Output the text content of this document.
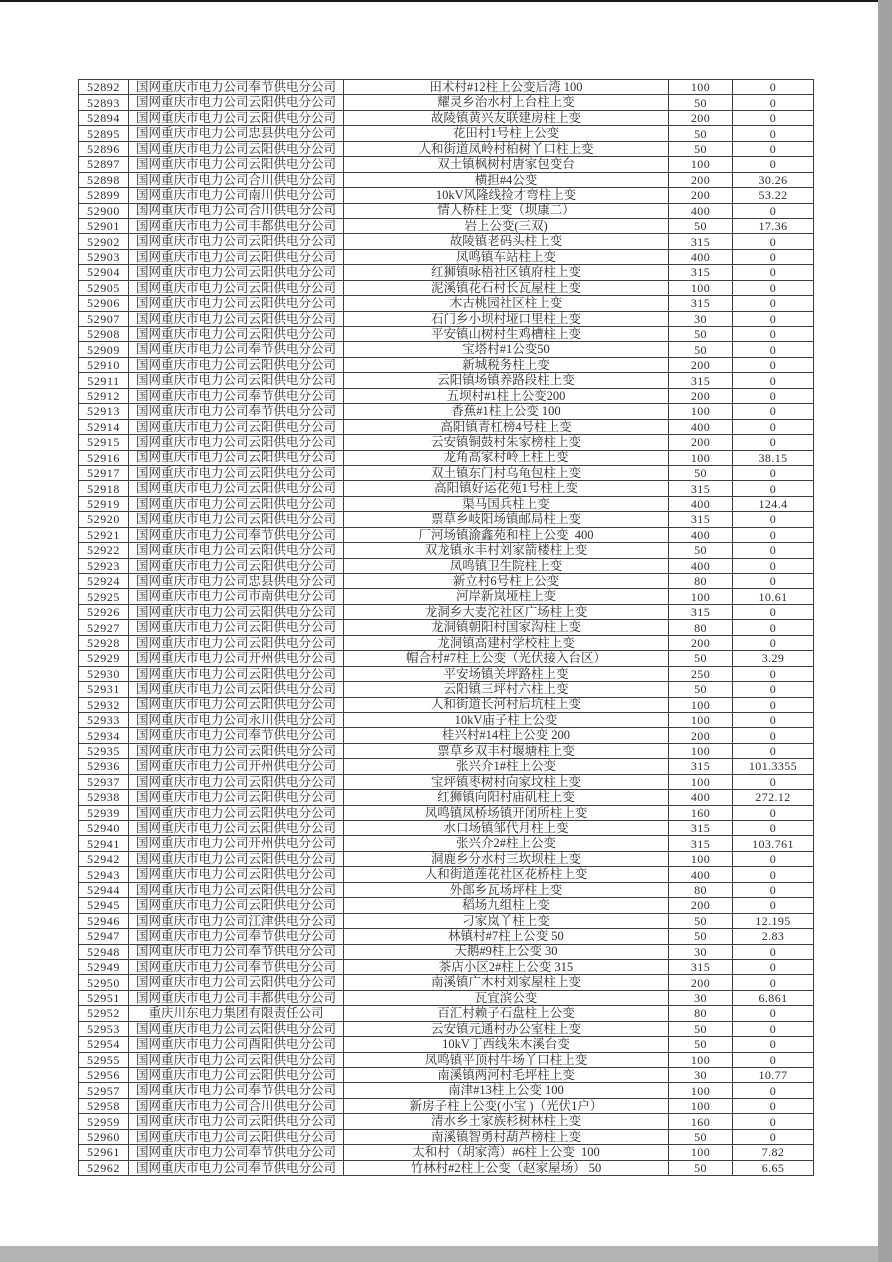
52892	国网重庆市电力公司奉节供电分公司	田术村#12柱上公变后湾 100	100	0
52893	国网重庆市电力公司云阳供电分公司	耀灵乡治水村上台柱上变	50	0
52894	国网重庆市电力公司云阳供电分公司	故陵镇黄兴友联建房柱上变	200	0
52895	国网重庆市电力公司忠县供电分公司	花田村1号柱上公变	50	0
52896	国网重庆市电力公司云阳供电分公司	人和街道凤岭村柏树丫口柱上变	50	0
52897	国网重庆市电力公司云阳供电分公司	双土镇枫树村唐家包变台	100	0
52898	国网重庆市电力公司合川供电分公司	横担#4公变	200	30.26
52899	国网重庆市电力公司南川供电分公司	10kV风隆线捡才弯柱上变	200	53.22
52900	国网重庆市电力公司合川供电分公司	情人桥柱上变（坝康二）	400	0
52901	国网重庆市电力公司丰都供电分公司	岩上公变(三双)	50	17.36
52902	国网重庆市电力公司云阳供电分公司	故陵镇老码头柱上变	315	0
52903	国网重庆市电力公司云阳供电分公司	凤鸣镇车站柱上变	400	0
52904	国网重庆市电力公司云阳供电分公司	红狮镇咏梧社区镇府柱上变	315	0
52905	国网重庆市电力公司云阳供电分公司	泥溪镇花石村长瓦屋柱上变	100	0
52906	国网重庆市电力公司云阳供电分公司	木古桃园社区柱上变	315	0
52907	国网重庆市电力公司云阳供电分公司	石门乡小坝村垭口里柱上变	30	0
52908	国网重庆市电力公司云阳供电分公司	平安镇山树村生鸡槽柱上变	50	0
52909	国网重庆市电力公司奉节供电分公司	宝塔村#1公变50	50	0
52910	国网重庆市电力公司云阳供电分公司	新城税务柱上变	200	0
52911	国网重庆市电力公司云阳供电分公司	云阳镇场镇养路段柱上变	315	0
52912	国网重庆市电力公司奉节供电分公司	五坝村#1柱上公变200	200	0
52913	国网重庆市电力公司奉节供电分公司	香蕉#1柱上公变 100	100	0
52914	国网重庆市电力公司云阳供电分公司	高阳镇青杠榜4号柱上变	400	0
52915	国网重庆市电力公司云阳供电分公司	云安镇铜鼓村朱家榜柱上变	200	0
52916	国网重庆市电力公司云阳供电分公司	龙角高家村岭上柱上变	100	38.15
52917	国网重庆市电力公司云阳供电分公司	双土镇东门村乌龟包柱上变	50	0
52918	国网重庆市电力公司云阳供电分公司	高阳镇好运花苑1号柱上变	315	0
52919	国网重庆市电力公司云阳供电分公司	渠马国兵柱上变	400	124.4
52920	国网重庆市电力公司云阳供电分公司	票草乡岐阳场镇邮局柱上变	315	0
52921	国网重庆市电力公司奉节供电分公司	厂河场镇渝鑫苑和柱上公变  400	400	0
52922	国网重庆市电力公司云阳供电分公司	双龙镇永丰村刘家箭楼柱上变	50	0
52923	国网重庆市电力公司云阳供电分公司	凤鸣镇卫生院柱上变	400	0
52924	国网重庆市电力公司忠县供电分公司	新立村6号柱上公变	80	0
52925	国网重庆市电力公司市南供电分公司	河岸新岚垭柱上变	100	10.61
52926	国网重庆市电力公司云阳供电分公司	龙洞乡大麦沱社区广场柱上变	315	0
52927	国网重庆市电力公司云阳供电分公司	龙洞镇朝阳村国家沟柱上变	80	0
52928	国网重庆市电力公司云阳供电分公司	龙洞镇高建村学校柱上变	200	0
52929	国网重庆市电力公司开州供电分公司	帽合村#7柱上公变（光伏接入台区）	50	3.29
52930	国网重庆市电力公司云阳供电分公司	平安场镇关坪路柱上变	250	0
52931	国网重庆市电力公司云阳供电分公司	云阳镇三坪村六柱上变	50	0
52932	国网重庆市电力公司云阳供电分公司	人和街道长河村后坑柱上变	100	0
52933	国网重庆市电力公司永川供电分公司	10kV庙子柱上公变	100	0
52934	国网重庆市电力公司奉节供电分公司	桂兴村#14柱上公变 200	200	0
52935	国网重庆市电力公司云阳供电分公司	票草乡双丰村堰塘柱上变	100	0
52936	国网重庆市电力公司开州供电分公司	张兴介1#柱上公变	315	101.3355
52937	国网重庆市电力公司云阳供电分公司	宝坪镇枣树村向家坟柱上变	100	0
52938	国网重庆市电力公司云阳供电分公司	红狮镇向阳村庙矶柱上变	400	272.12
52939	国网重庆市电力公司云阳供电分公司	凤鸣镇凤桥场镇开闭所柱上变	160	0
52940	国网重庆市电力公司云阳供电分公司	水口场镇邹代月柱上变	315	0
52941	国网重庆市电力公司开州供电分公司	张兴介2#柱上公变	315	103.761
52942	国网重庆市电力公司云阳供电分公司	洞鹿乡分水村三坎坝柱上变	100	0
52943	国网重庆市电力公司云阳供电分公司	人和街道莲花社区花桥柱上变	400	0
52944	国网重庆市电力公司云阳供电分公司	外郎乡瓦场坪柱上变	80	0
52945	国网重庆市电力公司云阳供电分公司	稻场九组柱上变	200	0
52946	国网重庆市电力公司江津供电分公司	刁家岚丫柱上变	50	12.195
52947	国网重庆市电力公司奉节供电分公司	林镇村#7柱上公变 50	50	2.83
52948	国网重庆市电力公司奉节供电分公司	天鹅#9柱上公变 30	30	0
52949	国网重庆市电力公司奉节供电分公司	茶店小区2#柱上公变 315	315	0
52950	国网重庆市电力公司云阳供电分公司	南溪镇广木村刘家屋柱上变	200	0
52951	国网重庆市电力公司丰都供电分公司	瓦宜滨公变	30	6.861
52952	重庆川东电力集团有限责任公司	百汇村赖子石盘柱上公变	80	0
52953	国网重庆市电力公司云阳供电分公司	云安镇元通村办公室柱上变	50	0
52954	国网重庆市电力公司酉阳供电分公司	10kV丁西线朱木溪台变	50	0
52955	国网重庆市电力公司云阳供电分公司	凤鸣镇平顶村牛场丫口柱上变	100	0
52956	国网重庆市电力公司云阳供电分公司	南溪镇两河村毛坪柱上变	30	10.77
52957	国网重庆市电力公司奉节供电分公司	南津#13柱上公变 100	100	0
52958	国网重庆市电力公司合川供电分公司	新房子柱上公变(小宝 )（光伏1户）	100	0
52959	国网重庆市电力公司云阳供电分公司	清水乡土家族杉树林柱上变	160	0
52960	国网重庆市电力公司云阳供电分公司	南溪镇智勇村葫芦榜柱上变	50	0
52961	国网重庆市电力公司奉节供电分公司	太和村（胡家湾）#6柱上公变  100	100	7.82
52962	国网重庆市电力公司奉节供电分公司	竹林村#2柱上公变（赵家屋场） 50	50	6.65
